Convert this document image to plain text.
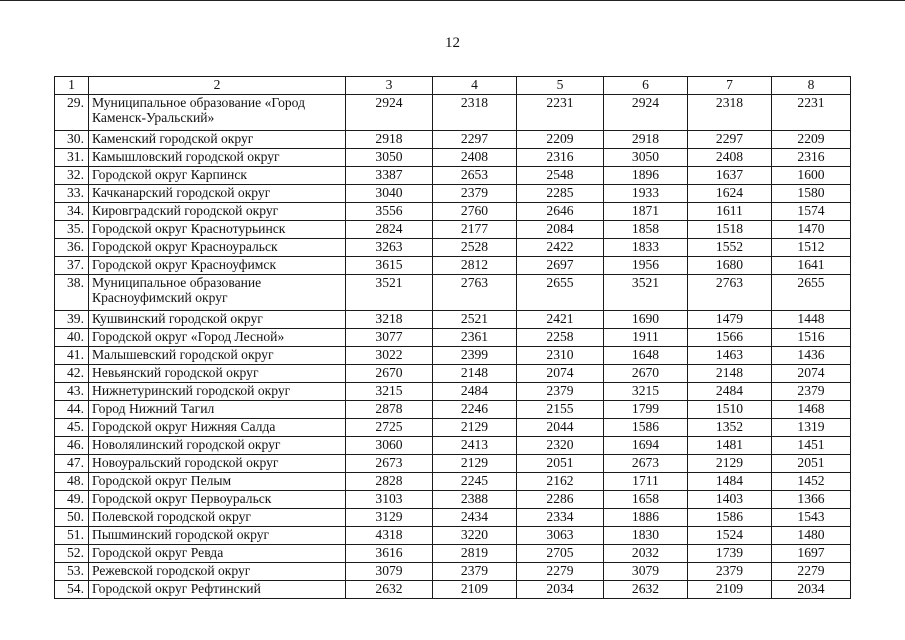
12
1	2	3	4	5	6	7	8
29.	Муниципальное образование «Город Каменск-Уральский»	2924	2318	2231	2924	2318	2231
30.	Каменский городской округ	2918	2297	2209	2918	2297	2209
31.	Камышловский городской округ	3050	2408	2316	3050	2408	2316
32.	Городской округ Карпинск	3387	2653	2548	1896	1637	1600
33.	Качканарский городской округ	3040	2379	2285	1933	1624	1580
34.	Кировградский городской округ	3556	2760	2646	1871	1611	1574
35.	Городской округ Краснотурьинск	2824	2177	2084	1858	1518	1470
36.	Городской округ Красноуральск	3263	2528	2422	1833	1552	1512
37.	Городской округ Красноуфимск	3615	2812	2697	1956	1680	1641
38.	Муниципальное образование Красноуфимский округ	3521	2763	2655	3521	2763	2655
39.	Кушвинский городской округ	3218	2521	2421	1690	1479	1448
40.	Городской округ «Город Лесной»	3077	2361	2258	1911	1566	1516
41.	Малышевский городской округ	3022	2399	2310	1648	1463	1436
42.	Невьянский городской округ	2670	2148	2074	2670	2148	2074
43.	Нижнетуринский городской округ	3215	2484	2379	3215	2484	2379
44.	Город Нижний Тагил	2878	2246	2155	1799	1510	1468
45.	Городской округ Нижняя Салда	2725	2129	2044	1586	1352	1319
46.	Новолялинский городской округ	3060	2413	2320	1694	1481	1451
47.	Новоуральский городской округ	2673	2129	2051	2673	2129	2051
48.	Городской округ Пелым	2828	2245	2162	1711	1484	1452
49.	Городской округ Первоуральск	3103	2388	2286	1658	1403	1366
50.	Полевской городской округ	3129	2434	2334	1886	1586	1543
51.	Пышминский городской округ	4318	3220	3063	1830	1524	1480
52.	Городской округ Ревда	3616	2819	2705	2032	1739	1697
53.	Режевской городской округ	3079	2379	2279	3079	2379	2279
54.	Городской округ Рефтинский	2632	2109	2034	2632	2109	2034
